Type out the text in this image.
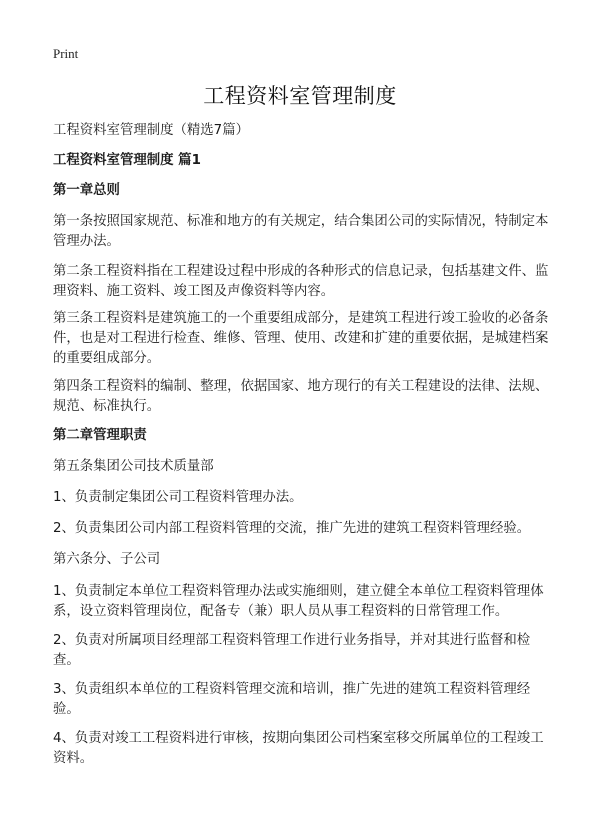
Print
工程资料室管理制度
工程资料室管理制度（精选7篇）
工程资料室管理制度 篇1
第一章总则
第一条按照国家规范、标准和地方的有关规定，结合集团公司的实际情况，特制定本管理办法。
第二条工程资料指在工程建设过程中形成的各种形式的信息记录，包括基建文件、监理资料、施工资料、竣工图及声像资料等内容。
第三条工程资料是建筑施工的一个重要组成部分，是建筑工程进行竣工验收的必备条件，也是对工程进行检查、维修、管理、使用、改建和扩建的重要依据，是城建档案的重要组成部分。
第四条工程资料的编制、整理，依据国家、地方现行的有关工程建设的法律、法规、规范、标准执行。
第二章管理职责
第五条集团公司技术质量部
1、负责制定集团公司工程资料管理办法。
2、负责集团公司内部工程资料管理的交流，推广先进的建筑工程资料管理经验。
第六条分、子公司
1、负责制定本单位工程资料管理办法或实施细则，建立健全本单位工程资料管理体系，设立资料管理岗位，配备专（兼）职人员从事工程资料的日常管理工作。
2、负责对所属项目经理部工程资料管理工作进行业务指导，并对其进行监督和检查。
3、负责组织本单位的工程资料管理交流和培训，推广先进的建筑工程资料管理经验。
4、负责对竣工工程资料进行审核，按期向集团公司档案室移交所属单位的工程竣工资料。
